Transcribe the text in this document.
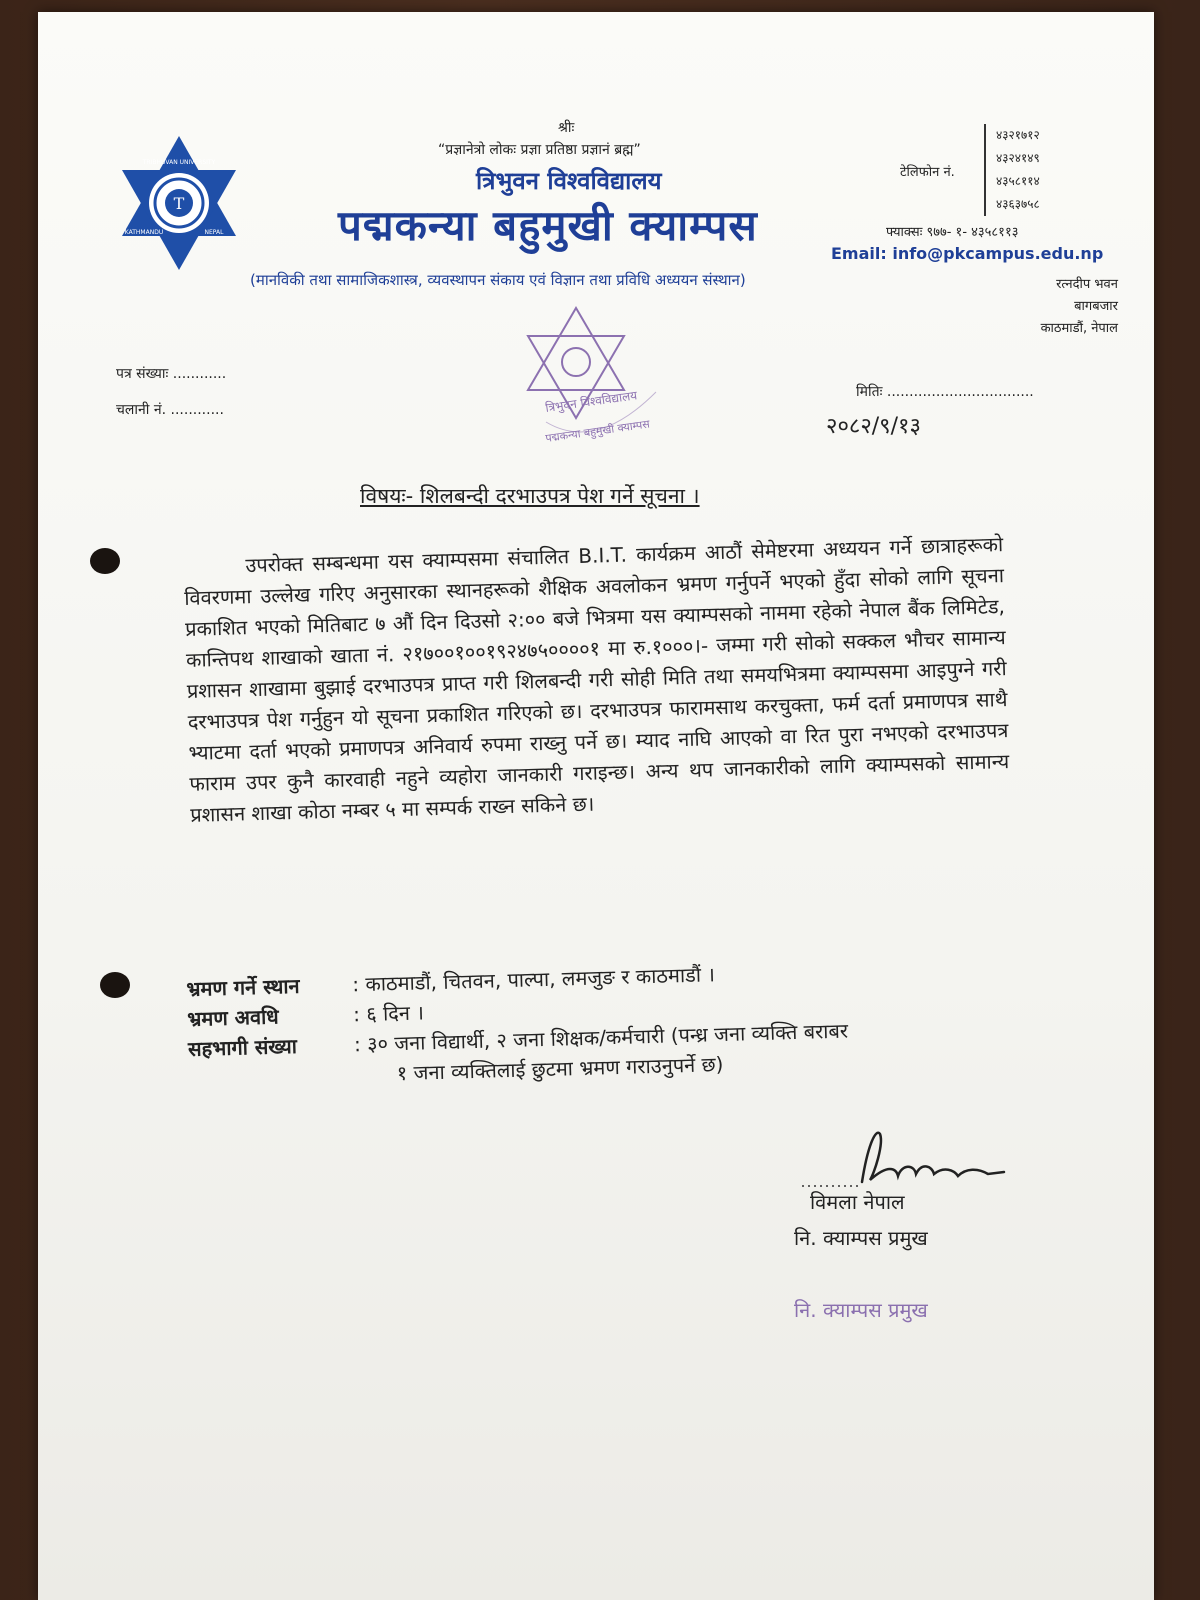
T
TRIBHUVAN UNIVERSITY
KATHMANDU	NEPAL
श्रीः
“प्रज्ञानेत्रो लोकः प्रज्ञा प्रतिष्ठा प्रज्ञानं ब्रह्म”
त्रिभुवन विश्वविद्यालय
पद्मकन्या बहुमुखी क्याम्पस
(मानविकी तथा सामाजिकशास्त्र, व्यवस्थापन संकाय एवं विज्ञान तथा प्रविधि अध्ययन संस्थान)
टेलिफोन नं.
४३२१७१२
४३२४१४९
४३५८११४
४३६३७५८
फ्याक्सः ९७७- १- ४३५८११३
Email: info@pkcampus.edu.np
रत्नदीप भवन
बागबजार
काठमाडौं, नेपाल
त्रिभुवन विश्वविद्यालय
पद्मकन्या बहुमुखी क्याम्पस
पत्र संख्याः ............
चलानी नं. ............
मितिः .................................
२०८२/९/१३
विषयः- शिलबन्दी दरभाउपत्र पेश गर्ने सूचना ।

उपरोक्त सम्बन्धमा यस क्याम्पसमा संचालित B.I.T. कार्यक्रम आठौं सेमेष्टरमा अध्ययन गर्ने छात्राहरूको विवरणमा उल्लेख गरिए अनुसारका स्थानहरूको शैक्षिक अवलोकन भ्रमण गर्नुपर्ने भएको हुँदा सोको लागि सूचना प्रकाशित भएको मितिबाट ७ औं दिन दिउसो २:०० बजे भित्रमा यस क्याम्पसको नाममा रहेको नेपाल बैंक लिमिटेड, कान्तिपथ शाखाको खाता नं. २१७००१००१९२४७५००००१ मा रु.१०००।- जम्मा गरी सोको सक्कल भौचर सामान्य प्रशासन शाखामा बुझाई दरभाउपत्र प्राप्त गरी शिलबन्दी गरी सोही मिति तथा समयभित्रमा क्याम्पसमा आइपुग्ने गरी दरभाउपत्र पेश गर्नुहुन यो सूचना प्रकाशित गरिएको छ। दरभाउपत्र फारामसाथ करचुक्ता, फर्म दर्ता प्रमाणपत्र साथै भ्याटमा दर्ता भएको प्रमाणपत्र अनिवार्य रुपमा राख्नु पर्ने छ। म्याद नाघि आएको वा रित पुरा नभएको दरभाउपत्र फाराम उपर कुनै कारवाही नहुने व्यहोरा जानकारी गराइन्छ। अन्य थप जानकारीको लागि क्याम्पसको सामान्य प्रशासन शाखा कोठा नम्बर ५ मा सम्पर्क राख्न सकिने छ।

भ्रमण गर्ने स्थान	: काठमाडौं, चितवन, पाल्पा, लमजुङ र काठमाडौं ।
भ्रमण अवधि	: ६ दिन ।
सहभागी संख्या	: ३० जना विद्यार्थी, २ जना शिक्षक/कर्मचारी (पन्ध्र जना व्यक्ति बराबर
१ जना व्यक्तिलाई छुटमा भ्रमण गराउनुपर्ने छ)
विमला नेपाल
नि. क्याम्पस प्रमुख
नि. क्याम्पस प्रमुख
